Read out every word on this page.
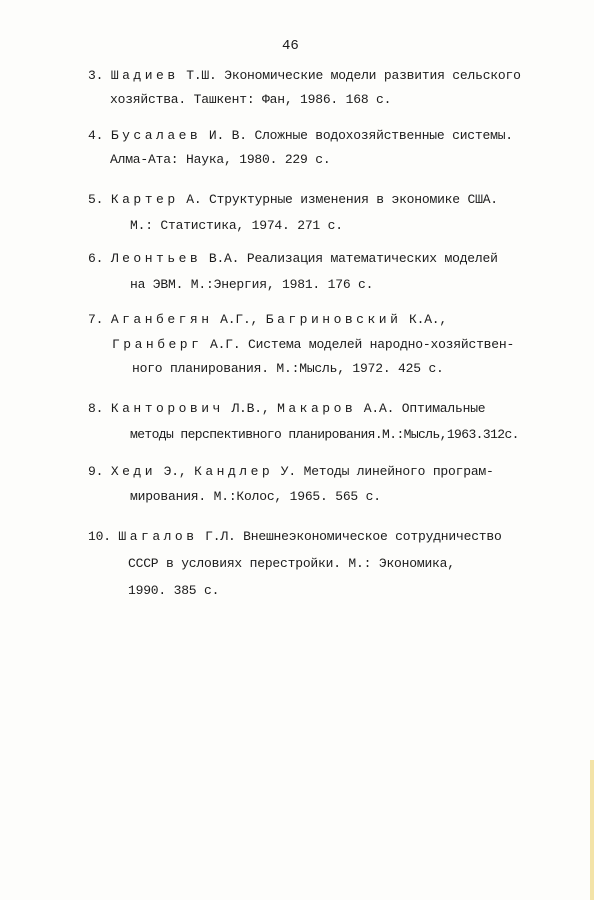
46
3. Шадиев Т.Ш. Экономические модели развития сельского
хозяйства. Ташкент: Фан, 1986. 168 с.
4. Бусалаев И. В. Сложные водохозяйственные системы.
Алма-Ата: Наука, 1980. 229 с.
5. Картер А. Структурные изменения в экономике США.
М.: Статистика, 1974. 271 с.
6. Леонтьев В.А. Реализация математических моделей
на ЭВМ. М.:Энергия, 1981. 176 с.
7. Аганбегян А.Г., Багриновский К.А.,
Гранберг А.Г. Система моделей народно-хозяйствен-
ного планирования. М.:Мысль, 1972. 425 с.
8. Канторович Л.В., Макаров А.А. Оптимальные
методы перспективного планирования.М.:Мысль,1963.312с.
9. Хеди Э., Кандлер У. Методы линейного програм-
мирования. М.:Колос, 1965. 565 с.
10. Шагалов Г.Л. Внешнеэкономическое сотрудничество
СССР в условиях перестройки. М.: Экономика,
1990. 385 с.
